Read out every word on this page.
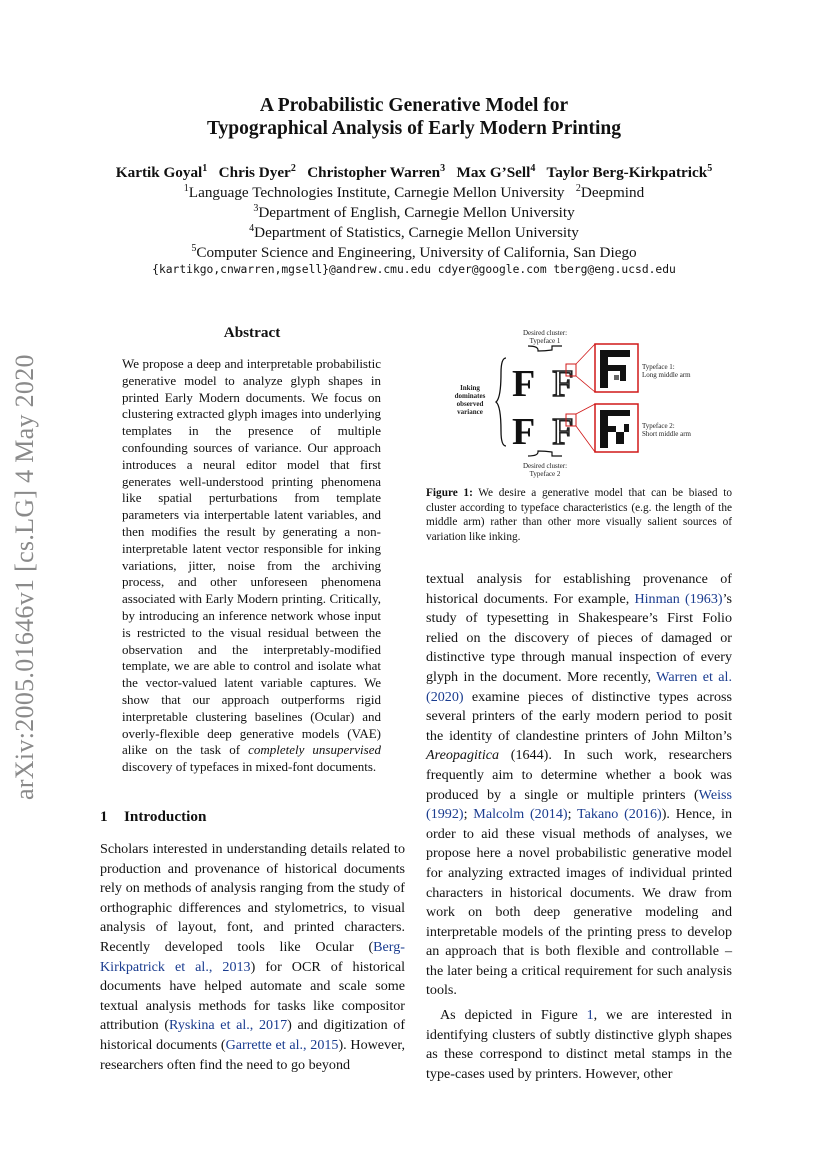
arXiv:2005.01646v1 [cs.LG] 4 May 2020
A Probabilistic Generative Model for
Typographical Analysis of Early Modern Printing
Kartik Goyal$^1$ Chris Dyer$^2$ Christopher Warren$^3$ Max G’Sell$^4$ Taylor Berg-Kirkpatrick$^5$
$^1$Language Technologies Institute, Carnegie Mellon University $^2$Deepmind
$^3$Department of English, Carnegie Mellon University
$^4$Department of Statistics, Carnegie Mellon University
$^5$Computer Science and Engineering, University of California, San Diego
{kartikgo,cnwarren,mgsell}@andrew.cmu.edu cdyer@google.com tberg@eng.ucsd.edu
Abstract
We propose a deep and interpretable probabilistic generative model to analyze glyph shapes in printed Early Modern documents. We focus on clustering extracted glyph images into underlying templates in the presence of multiple confounding sources of variance. Our approach introduces a neural editor model that first generates well-understood printing phenomena like spatial perturbations from template parameters via interpertable latent variables, and then modifies the result by generating a non-interpretable latent vector responsible for inking variations, jitter, noise from the archiving process, and other unforeseen phenomena associated with Early Modern printing. Critically, by introducing an inference network whose input is restricted to the visual residual between the observation and the interpretably-modified template, we are able to control and isolate what the vector-valued latent variable captures. We show that our approach outperforms rigid interpretable clustering baselines (Ocular) and overly-flexible deep generative models (VAE) alike on the task of completely unsupervised discovery of typefaces in mixed-font documents.
1 Introduction
Scholars interested in understanding details related to production and provenance of historical documents rely on methods of analysis ranging from the study of orthographic differences and stylometrics, to visual analysis of layout, font, and printed characters. Recently developed tools like Ocular (Berg-Kirkpatrick et al., 2013) for OCR of historical documents have helped automate and scale some textual analysis methods for tasks like compositor attribution (Ryskina et al., 2017) and digitization of historical documents (Garrette et al., 2015). However, researchers often find the need to go beyond
Desired cluster:
Typeface 1
Desired cluster:
Typeface 2
Inking
dominates
observed
variance
F
F
F
F
Typeface 1:
Long middle arm
Typeface 2:
Short middle arm
Figure 1: We desire a generative model that can be biased to cluster according to typeface characteristics (e.g. the length of the middle arm) rather than other more visually salient sources of variation like inking.

textual analysis for establishing provenance of historical documents. For example, Hinman (1963)’s study of typesetting in Shakespeare’s First Folio relied on the discovery of pieces of damaged or distinctive type through manual inspection of every glyph in the document. More recently, Warren et al. (2020) examine pieces of distinctive types across several printers of the early modern period to posit the identity of clandestine printers of John Milton’s Areopagitica (1644). In such work, researchers frequently aim to determine whether a book was produced by a single or multiple printers (Weiss (1992); Malcolm (2014); Takano (2016)). Hence, in order to aid these visual methods of analyses, we propose here a novel probabilistic generative model for analyzing extracted images of individual printed characters in historical documents. We draw from work on both deep generative modeling and interpretable models of the printing press to develop an approach that is both flexible and controllable – the later being a critical requirement for such analysis tools.

As depicted in Figure 1, we are interested in identifying clusters of subtly distinctive glyph shapes as these correspond to distinct metal stamps in the type-cases used by printers. However, other
